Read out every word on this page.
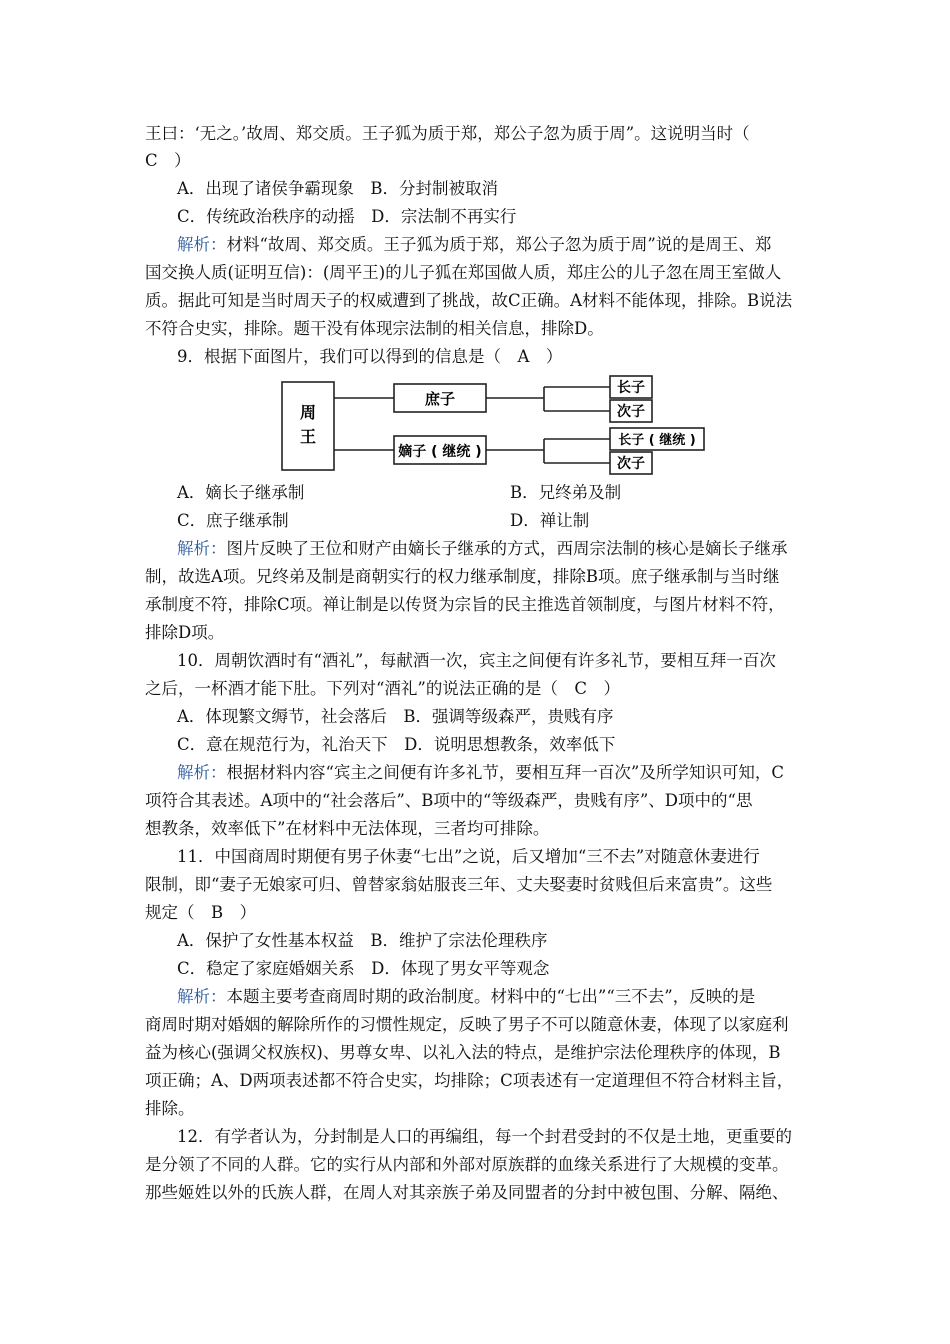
王曰：‘无之。’故周、郑交质。王子狐为质于郑，郑公子忽为质于周”。这说明当时（
C　）
A．出现了诸侯争霸现象　B．分封制被取消
C．传统政治秩序的动摇　D．宗法制不再实行
解析：材料“故周、郑交质。王子狐为质于郑，郑公子忽为质于周”说的是周王、郑
国交换人质(证明互信)：(周平王)的儿子狐在郑国做人质，郑庄公的儿子忽在周王室做人
质。据此可知是当时周天子的权威遭到了挑战，故C正确。A材料不能体现，排除。B说法
不符合史实，排除。题干没有体现宗法制的相关信息，排除D。
9．根据下面图片，我们可以得到的信息是（　A　）
A．嫡长子继承制	B．兄终弟及制
C．庶子继承制	D．禅让制
解析：图片反映了王位和财产由嫡长子继承的方式，西周宗法制的核心是嫡长子继承
制，故选A项。兄终弟及制是商朝实行的权力继承制度，排除B项。庶子继承制与当时继
承制度不符，排除C项。禅让制是以传贤为宗旨的民主推选首领制度，与图片材料不符，
排除D项。
10．周朝饮酒时有“酒礼”，每献酒一次，宾主之间便有许多礼节，要相互拜一百次
之后，一杯酒才能下肚。下列对“酒礼”的说法正确的是（　C　）
A．体现繁文缛节，社会落后　B．强调等级森严，贵贱有序
C．意在规范行为，礼治天下　D．说明思想教条，效率低下
解析：根据材料内容“宾主之间便有许多礼节，要相互拜一百次”及所学知识可知，C
项符合其表述。A项中的“社会落后”、B项中的“等级森严，贵贱有序”、D项中的“思
想教条，效率低下”在材料中无法体现，三者均可排除。
11．中国商周时期便有男子休妻“七出”之说，后又增加“三不去”对随意休妻进行
限制，即“妻子无娘家可归、曾替家翁姑服丧三年、丈夫娶妻时贫贱但后来富贵”。这些
规定（　B　）
A．保护了女性基本权益　B．维护了宗法伦理秩序
C．稳定了家庭婚姻关系　D．体现了男女平等观念
解析：本题主要考查商周时期的政治制度。材料中的“七出”“三不去”，反映的是
商周时期对婚姻的解除所作的习惯性规定，反映了男子不可以随意休妻，体现了以家庭利
益为核心(强调父权族权)、男尊女卑、以礼入法的特点，是维护宗法伦理秩序的体现，B
项正确；A、D两项表述都不符合史实，均排除；C项表述有一定道理但不符合材料主旨，
排除。
12．有学者认为，分封制是人口的再编组，每一个封君受封的不仅是土地，更重要的
是分领了不同的人群。它的实行从内部和外部对原族群的血缘关系进行了大规模的变革。
那些姬姓以外的氏族人群，在周人对其亲族子弟及同盟者的分封中被包围、分解、隔绝、
周
王
庶子
嫡子 ( 继统 )
长子
次子
长子 ( 继统 )
次子
